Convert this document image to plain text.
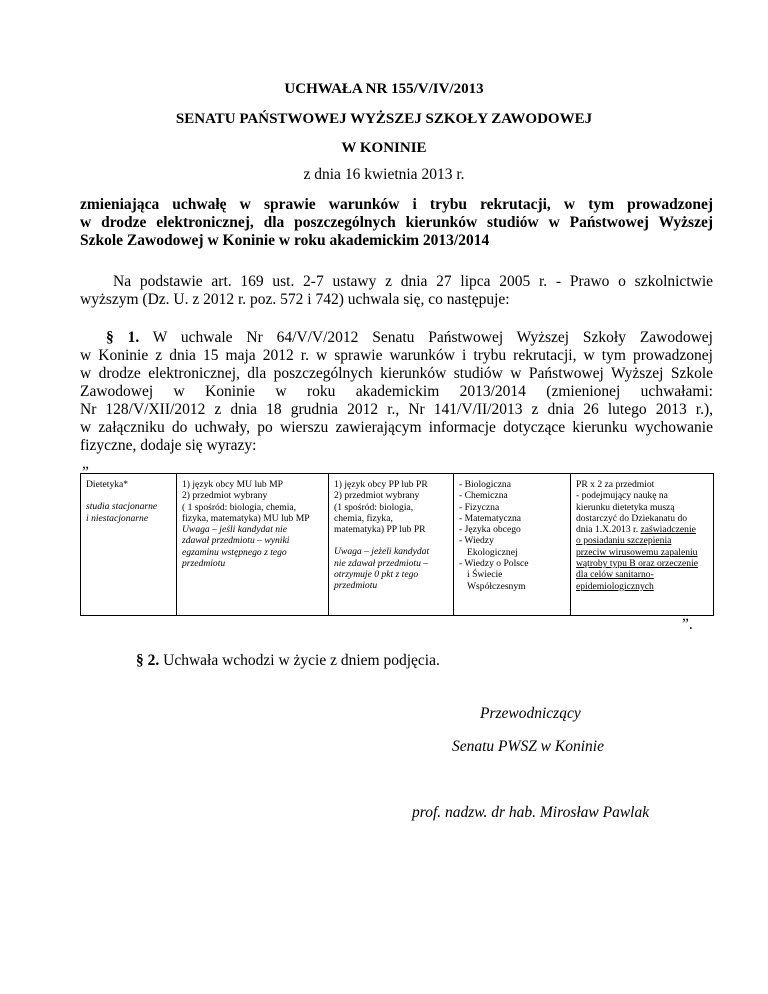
UCHWAŁA NR 155/V/IV/2013
SENATU PAŃSTWOWEJ WYŻSZEJ SZKOŁY ZAWODOWEJ
W KONINIE
z dnia 16 kwietnia 2013 r.
zmieniająca uchwałę w sprawie warunków i trybu rekrutacji, w tym prowadzonej
w drodze elektronicznej, dla poszczególnych kierunków studiów w Państwowej Wyższej
Szkole Zawodowej w Koninie w roku akademickim 2013/2014
Na podstawie art. 169 ust. 2-7 ustawy z dnia 27 lipca 2005 r. - Prawo o szkolnictwie
wyższym (Dz. U. z 2012 r. poz. 572 i 742) uchwala się, co następuje:
§ 1. W uchwale Nr 64/V/V/2012 Senatu Państwowej Wyższej Szkoły Zawodowej
w Koninie z dnia 15 maja 2012 r. w sprawie warunków i trybu rekrutacji, w tym prowadzonej
w drodze elektronicznej, dla poszczególnych kierunków studiów w Państwowej Wyższej Szkole
Zawodowej w Koninie w roku akademickim 2013/2014 (zmienionej uchwałami:
Nr 128/V/XII/2012 z dnia 18 grudnia 2012 r., Nr 141/V/II/2013 z dnia 26 lutego 2013 r.),
w załączniku do uchwały, po wierszu zawierającym informacje dotyczące kierunku wychowanie
fizyczne, dodaje się wyrazy:
„
Dietetyka*
studia stacjonarne
i niestacjonarne

1) język obcy MU lub MP
2) przedmiot wybrany
( 1 spośród: biologia, chemia,
fizyka, matematyka) MU lub MP
Uwaga – jeśli kandydat nie
zdawał przedmiotu – wyniki
egzaminu wstępnego z tego
przedmiotu

1) język obcy PP lub PR
2) przedmiot wybrany
(1 spośród: biologia,
chemia, fizyka,
matematyka) PP lub PR
Uwaga – jeżeli kandydat
nie zdawał przedmiotu –
otrzymuje 0 pkt z tego
przedmiotu

- Biologiczna
- Chemiczna
- Fizyczna
- Matematyczna
- Języka obcego
- Wiedzy
Ekologicznej
- Wiedzy o Polsce
i Świecie
Współczesnym

PR x 2 za przedmiot
- podejmujący naukę na
kierunku dietetyka muszą
dostarczyć do Dziekanatu do
dnia 1.X.2013 r. zaświadczenie
o posiadaniu szczepienia
przeciw wirusowemu zapaleniu
wątroby typu B oraz orzeczenie
dla celów sanitarno-
epidemiologicznych
”.
§ 2. Uchwała wchodzi w życie z dniem podjęcia.
Przewodniczący
Senatu PWSZ w Koninie
prof. nadzw. dr hab. Mirosław Pawlak
